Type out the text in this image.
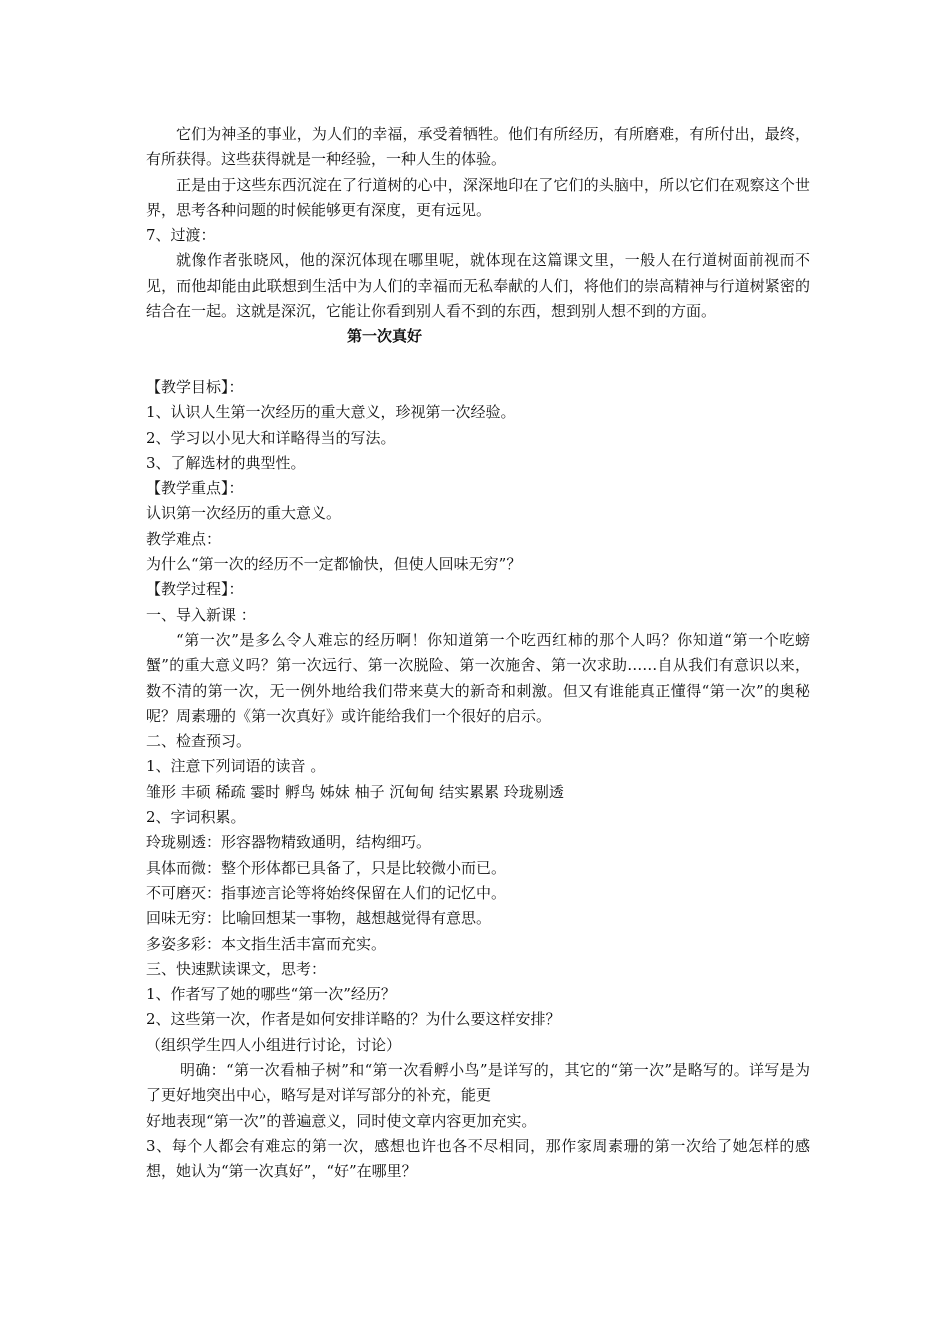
它们为神圣的事业，为人们的幸福，承受着牺牲。他们有所经历，有所磨难，有所付出，最终，有所获得。这些获得就是一种经验，一种人生的体验。

正是由于这些东西沉淀在了行道树的心中，深深地印在了它们的头脑中，所以它们在观察这个世界，思考各种问题的时候能够更有深度，更有远见。

7、过渡：

就像作者张晓风，他的深沉体现在哪里呢，就体现在这篇课文里，一般人在行道树面前视而不见，而他却能由此联想到生活中为人们的幸福而无私奉献的人们，将他们的崇高精神与行道树紧密的结合在一起。这就是深沉，它能让你看到别人看不到的东西，想到别人想不到的方面。

第一次真好

【教学目标】：

1、认识人生第一次经历的重大意义，珍视第一次经验。

2、学习以小见大和详略得当的写法。

3、了解选材的典型性。

【教学重点】：

认识第一次经历的重大意义。

教学难点：

为什么“第一次的经历不一定都愉快，但使人回味无穷”？

【教学过程】：

一、导入新课 ：

“第一次”是多么令人难忘的经历啊！你知道第一个吃西红柿的那个人吗？你知道“第一个吃螃蟹”的重大意义吗？第一次远行、第一次脱险、第一次施舍、第一次求助……自从我们有意识以来，数不清的第一次，无一例外地给我们带来莫大的新奇和刺激。但又有谁能真正懂得“第一次”的奥秘呢？周素珊的《第一次真好》或许能给我们一个很好的启示。

二、检查预习。

1、注意下列词语的读音 。

雏形 丰硕 稀疏 霎时 孵鸟 姊妹 柚子 沉甸甸 结实累累 玲珑剔透

2、字词积累。

玲珑剔透：形容器物精致通明，结构细巧。

具体而微：整个形体都已具备了，只是比较微小而已。

不可磨灭：指事迹言论等将始终保留在人们的记忆中。

回味无穷：比喻回想某一事物，越想越觉得有意思。

多姿多彩：本文指生活丰富而充实。

三、快速默读课文，思考：

1、作者写了她的哪些“第一次”经历？

2、这些第一次，作者是如何安排详略的？为什么要这样安排？

（组织学生四人小组进行讨论，讨论）

明确：“第一次看柚子树”和“第一次看孵小鸟”是详写的，其它的“第一次”是略写的。详写是为了更好地突出中心，略写是对详写部分的补充，能更

好地表现“第一次”的普遍意义，同时使文章内容更加充实。

3、每个人都会有难忘的第一次，感想也许也各不尽相同，那作家周素珊的第一次给了她怎样的感想，她认为“第一次真好”，“好”在哪里？
